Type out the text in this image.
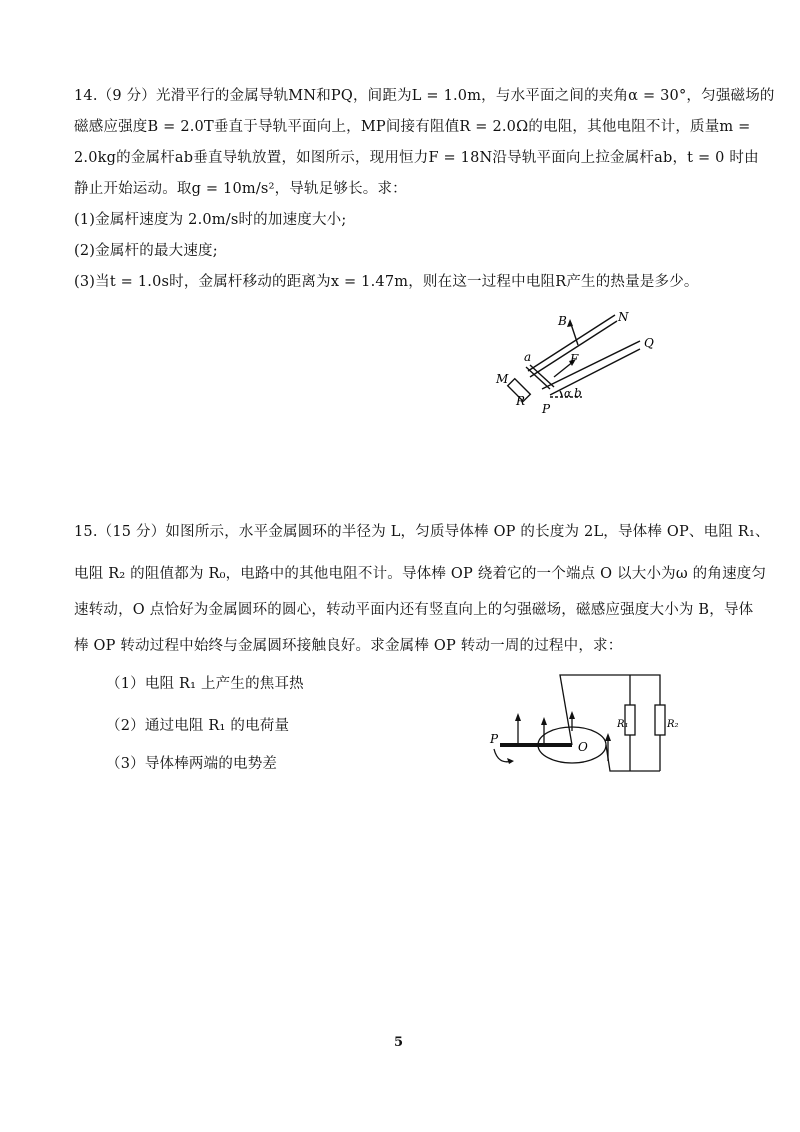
14.（9 分）光滑平行的金属导轨MN和PQ，间距为L = 1.0m，与水平面之间的夹角α = 30°，匀强磁场的
磁感应强度B = 2.0T垂直于导轨平面向上，MP间接有阻值R = 2.0Ω的电阻，其他电阻不计，质量m =
2.0kg的金属杆ab垂直导轨放置，如图所示，现用恒力F = 18N沿导轨平面向上拉金属杆ab，t = 0 时由
静止开始运动。取g = 10m/s²，导轨足够长。求：
(1)金属杆速度为 2.0m/s时的加速度大小;
(2)金属杆的最大速度;
(3)当t = 1.0s时，金属杆移动的距离为x = 1.47m，则在这一过程中电阻R产生的热量是多少。
B	N
Q
a	F
M
R
α b
P
15.（15 分）如图所示，水平金属圆环的半径为 L，匀质导体棒 OP 的长度为 2L，导体棒 OP、电阻 R₁、
电阻 R₂ 的阻值都为 R₀，电路中的其他电阻不计。导体棒 OP 绕着它的一个端点 O 以大小为ω 的角速度匀
速转动，O 点恰好为金属圆环的圆心，转动平面内还有竖直向上的匀强磁场，磁感应强度大小为 B，导体
棒 OP 转动过程中始终与金属圆环接触良好。求金属棒 OP 转动一周的过程中，求：
（1）电阻 R₁ 上产生的焦耳热
（2）通过电阻 R₁ 的电荷量
（3）导体棒两端的电势差
P
O
R₁	R₂
5
